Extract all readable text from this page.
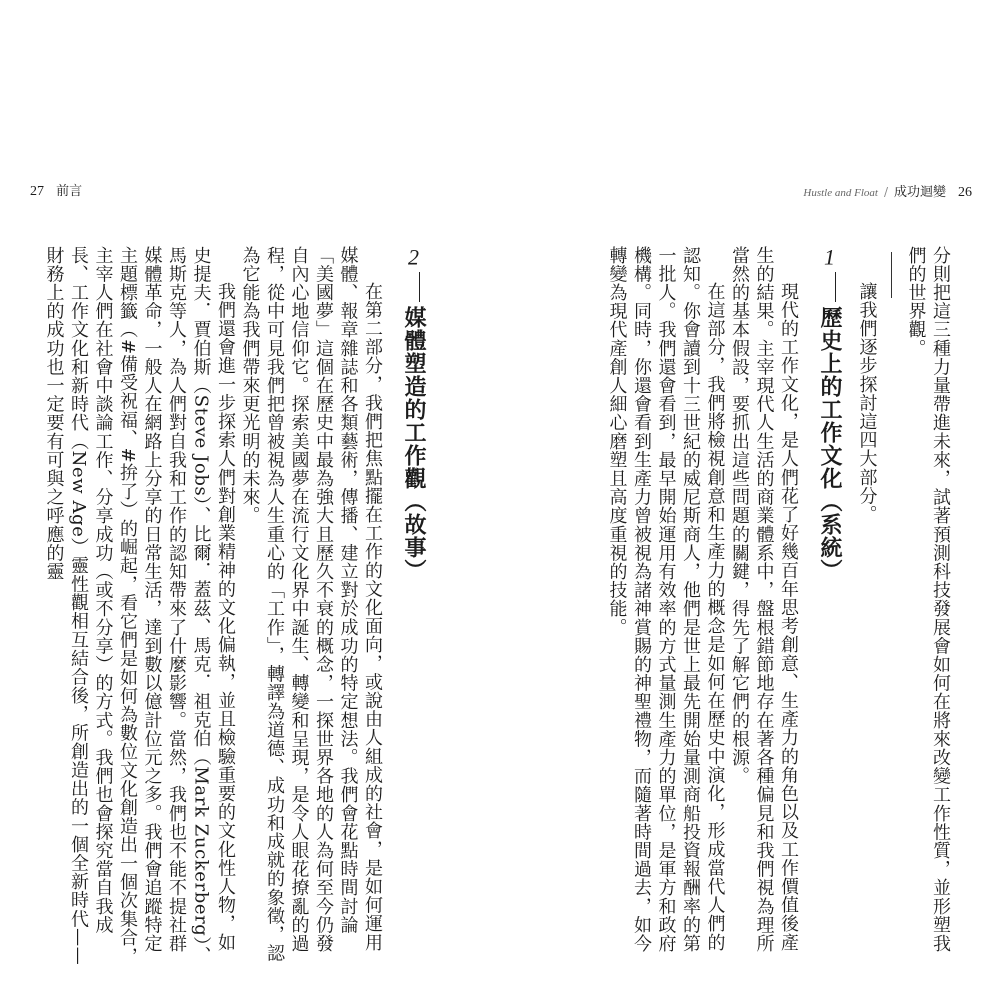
27 前言	Hustle and Float / 成功迴變 26

分則把這三種力量帶進未來，試著預測科技發展會如何在將來改變工作性質，並形塑我們的世界觀。

讓我們逐步探討這四大部分。

1歷史上的工作文化（系統）

現代的工作文化，是人們花了好幾百年思考創意、生產力的角色以及工作價值後產生的結果。主宰現代人生活的商業體系中，盤根錯節地存在著各種偏見和我們視為理所當然的基本假設，要抓出這些問題的關鍵，得先了解它們的根源。

在這部分，我們將檢視創意和生產力的概念是如何在歷史中演化，形成當代人們的認知。你會讀到十三世紀的威尼斯商人，他們是世上最先開始量測商船投資報酬率的第一批人。我們還會看到，最早開始運用有效率的方式量測生產力的單位，是軍方和政府機構。同時，你還會看到生產力曾被視為諸神賞賜的神聖禮物，而隨著時間過去，如今轉變為現代產創人細心磨塑且高度重視的技能。

2媒體塑造的工作觀（故事）

在第二部分，我們把焦點擺在工作的文化面向，或說由人組成的社會，是如何運用媒體、報章雜誌和各類藝術，傳播、建立對於成功的特定想法。我們會花點時間討論「美國夢」這個在歷史中最為強大且歷久不衰的概念，一探世界各地的人為何至今仍發自內心地信仰它。探索美國夢在流行文化界中誕生、轉變和呈現，是令人眼花撩亂的過程，從中可見我們把曾被視為人生重心的「工作」，轉譯為道德、成功和成就的象徵，認為它能為我們帶來更光明的未來。

我們還會進一步探索人們對創業精神的文化偏執，並且檢驗重要的文化性人物，如史提夫．賈伯斯（Steve Jobs）、比爾．蓋茲、馬克．祖克伯（Mark Zuckerberg）、馬斯克等人，為人們對自我和工作的認知帶來了什麼影響。當然，我們也不能不提社群媒體革命，一般人在網路上分享的日常生活，達到數以億計位元之多。我們會追蹤特定主題標籤（#備受祝福、#拚了）的崛起，看它們是如何為數位文化創造出一個次集合，主宰人們在社會中談論工作、分享成功（或不分享）的方式。我們也會探究當自我成長、工作文化和新時代（New Age）靈性觀相互結合後，所創造出的一個全新時代——財務上的成功也一定要有可與之呼應的靈
